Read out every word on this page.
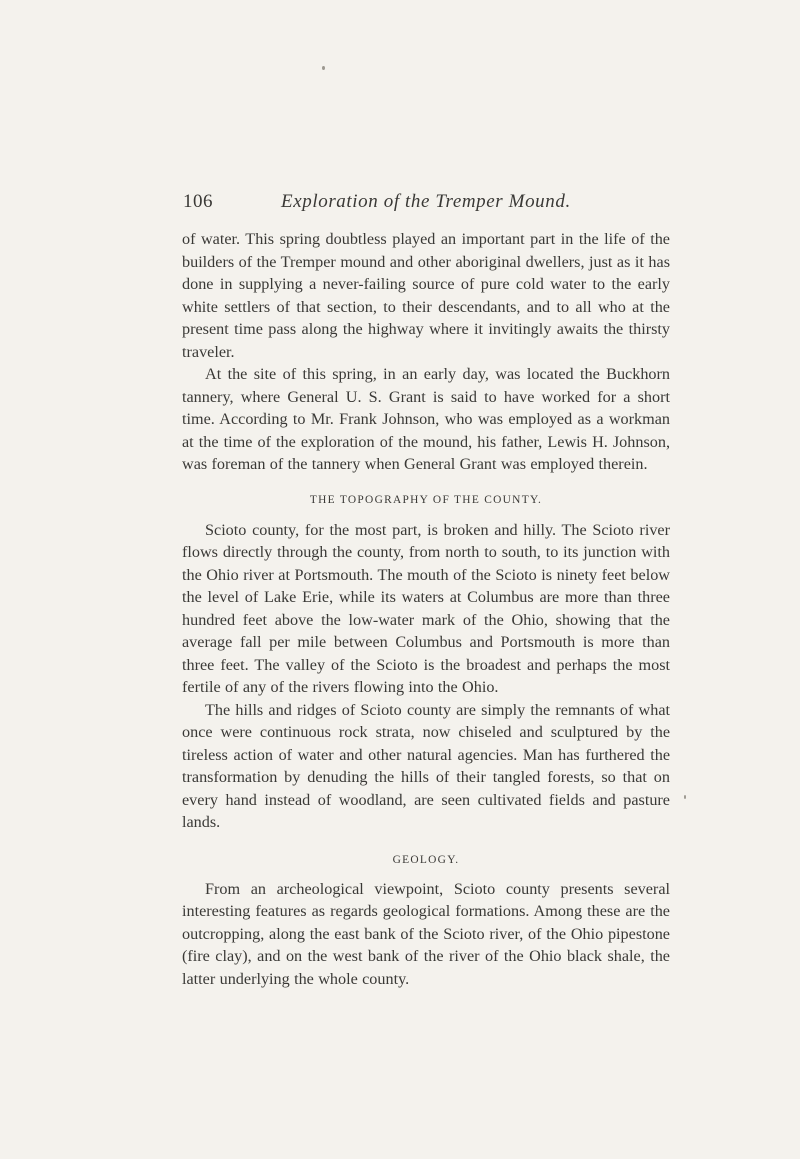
106	Exploration of the Tremper Mound.

of water. This spring doubtless played an important part in the life of the builders of the Tremper mound and other aboriginal dwellers, just as it has done in supplying a never-failing source of pure cold water to the early white settlers of that section, to their descendants, and to all who at the present time pass along the highway where it invitingly awaits the thirsty traveler.

At the site of this spring, in an early day, was located the Buckhorn tannery, where General U. S. Grant is said to have worked for a short time. According to Mr. Frank Johnson, who was employed as a workman at the time of the exploration of the mound, his father, Lewis H. Johnson, was foreman of the tannery when General Grant was employed therein.

THE TOPOGRAPHY OF THE COUNTY.

Scioto county, for the most part, is broken and hilly. The Scioto river flows directly through the county, from north to south, to its junction with the Ohio river at Portsmouth. The mouth of the Scioto is ninety feet below the level of Lake Erie, while its waters at Columbus are more than three hundred feet above the low-water mark of the Ohio, showing that the average fall per mile between Columbus and Portsmouth is more than three feet. The valley of the Scioto is the broadest and perhaps the most fertile of any of the rivers flowing into the Ohio.

The hills and ridges of Scioto county are simply the remnants of what once were continuous rock strata, now chiseled and sculptured by the tireless action of water and other natural agencies. Man has furthered the transformation by denuding the hills of their tangled forests, so that on every hand instead of woodland, are seen cultivated fields and pasture lands.

GEOLOGY.

From an archeological viewpoint, Scioto county presents several interesting features as regards geological formations. Among these are the outcropping, along the east bank of the Scioto river, of the Ohio pipestone (fire clay), and on the west bank of the river of the Ohio black shale, the latter underlying the whole county.
